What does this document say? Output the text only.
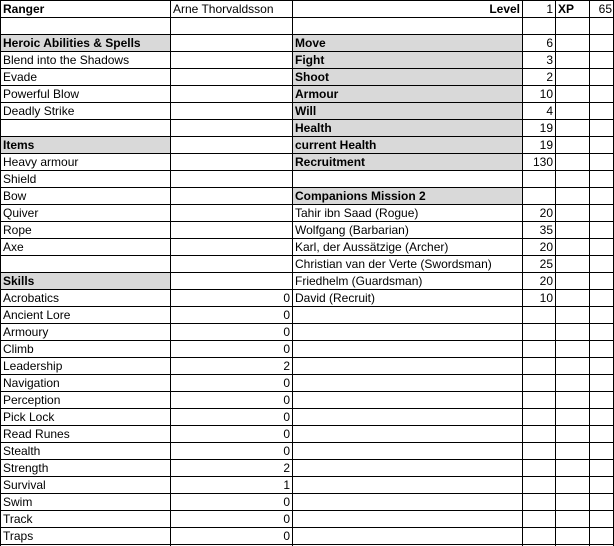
Ranger	Arne Thorvaldsson	Level	1 XP	65
Heroic Abilities & Spells
Blend into the Shadows
Evade
Powerful Blow
Deadly Strike
Items
Heavy armour
Shield
Bow
Quiver
Rope
Axe
Skills
Acrobatics	0
Ancient Lore	0
Armoury	0
Climb	0
Leadership	2
Navigation	0
Perception	0
Pick Lock	0
Read Runes	0
Stealth	0
Strength	2
Survival	1
Swim	0
Track	0
Traps	0
Move	6
Fight	3
Shoot	2
Armour	10
Will	4
Health	19
current Health	19
Recruitment	130
Companions Mission 2
Tahir ibn Saad (Rogue)	20
Wolfgang (Barbarian)	35
Karl, der Aussätzige (Archer)	20
Christian van der Verte (Swordsman)	25
Friedhelm (Guardsman)	20
David (Recruit)	10
